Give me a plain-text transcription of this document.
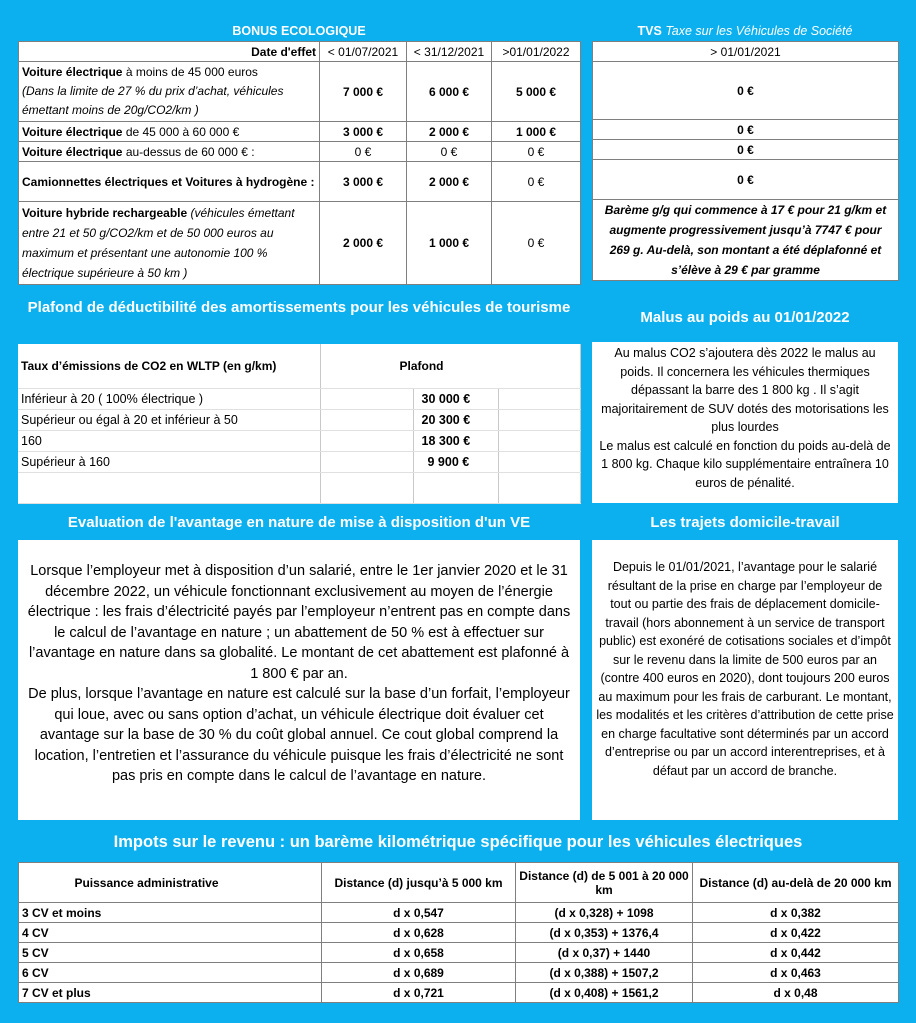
BONUS ECOLOGIQUE
Date d'effet	< 01/07/2021	< 31/12/2021	>01/01/2022
Voiture électrique à moins de 45 000 euros
(Dans la limite de 27 % du prix d’achat, véhicules émettant moins de 20g/CO2/km )	7 000 €	6 000 €	5 000 €
Voiture électrique de 45 000 à 60 000 €	3 000 €	2 000 €	1 000 €
Voiture électrique au-dessus de 60 000 € :	0 €	0 €	0 €
Camionnettes électriques et Voitures à hydrogène :	3 000 €	2 000 €	0 €
Voiture hybride rechargeable (véhicules émettant entre 21 et 50 g/CO2/km et de 50 000 euros au maximum et présentant une autonomie 100 % électrique supérieure à 50 km )	2 000 €	1 000 €	0 €
TVS Taxe sur les Véhicules de Société
> 01/01/2021
0 €
0 €
0 €
0 €
Barème g/g qui commence à 17 € pour 21 g/km et augmente progressivement jusqu’à 7747 € pour 269 g. Au-delà, son montant a été déplafonné et s’élève à 29 € par gramme
Plafond de déductibilité des amortissements pour les véhicules de tourisme
Taux d’émissions de CO2 en WLTP (en g/km)	Plafond		
Inférieur à 20 ( 100% électrique )		30 000 €	
Supérieur ou égal à 20 et inférieur à 50		20 300 €	
160		18 300 €	
Supérieur à 160		9 900 €	

Malus au poids au 01/01/2022
Au malus CO2 s’ajoutera dès 2022 le malus au poids. Il concernera les véhicules thermiques dépassant la barre des 1 800 kg . Il s’agit majoritairement de SUV dotés des motorisations les plus lourdes
Le malus est calculé en fonction du poids au-delà de 1 800 kg. Chaque kilo supplémentaire entraînera 10 euros de pénalité.
Evaluation de l'avantage en nature de mise à disposition d'un VE
Lorsque l’employeur met à disposition d’un salarié, entre le 1er janvier 2020 et le 31 décembre 2022, un véhicule fonctionnant exclusivement au moyen de l’énergie électrique : les frais d’électricité payés par l’employeur n’entrent pas en compte dans le calcul de l’avantage en nature ; un abattement de 50 % est à effectuer sur l’avantage en nature dans sa globalité. Le montant de cet abattement est plafonné à 1 800 € par an.
De plus, lorsque l’avantage en nature est calculé sur la base d’un forfait, l’employeur qui loue, avec ou sans option d’achat, un véhicule électrique doit évaluer cet avantage sur la base de 30 % du coût global annuel. Ce cout global comprend la location, l’entretien et l’assurance du véhicule puisque les frais d’électricité ne sont pas pris en compte dans le calcul de l’avantage en nature.
Les trajets domicile-travail
Depuis le 01/01/2021, l’avantage pour le salarié résultant de la prise en charge par l’employeur de tout ou partie des frais de déplacement domicile-travail (hors abonnement à un service de transport public) est exonéré de cotisations sociales et d’impôt sur le revenu dans la limite de 500 euros par an (contre 400 euros en 2020), dont toujours 200 euros au maximum pour les frais de carburant. Le montant, les modalités et les critères d’attribution de cette prise en charge facultative sont déterminés par un accord d’entreprise ou par un accord interentreprises, et à défaut par un accord de branche.
Impots sur le revenu : un barème kilométrique spécifique pour les véhicules électriques
Puissance administrative	Distance (d) jusqu’à 5 000 km	Distance (d) de 5 001 à 20 000 km	Distance (d) au-delà de 20 000 km
3 CV et moins	d x 0,547	(d x 0,328) + 1098	d x 0,382
4 CV	d x 0,628	(d x 0,353) + 1376,4	d x 0,422
5 CV	d x 0,658	(d x 0,37) + 1440	d x 0,442
6 CV	d x 0,689	(d x 0,388) + 1507,2	d x 0,463
7 CV et plus	d x 0,721	(d x 0,408) + 1561,2	d x 0,48
